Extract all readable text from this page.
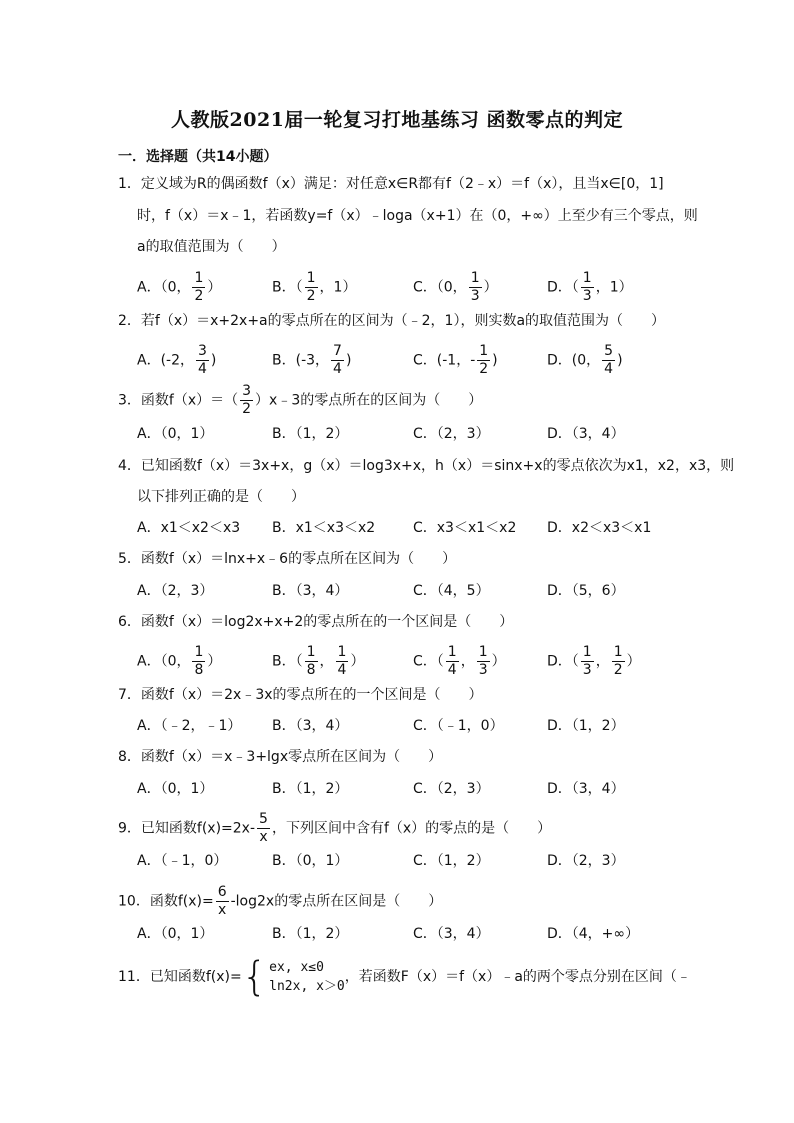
人教版2021届一轮复习打地基练习 函数零点的判定
一．选择题（共14小题）
1．定义域为R的偶函数f（x）满足：对任意x∈R都有f（2﹣x）＝f（x），且当x∈[0，1]
时，f（x）＝x﹣1，若函数y=f（x）﹣loga（x+1）在（0，+∞）上至少有三个零点，则
a的取值范围为（　　）
A．（0， $\frac{1}{2}$ ）	B．（ $\frac{1}{2}$ ，1）	C．（0， $\frac{1}{3}$ ）	D．（ $\frac{1}{3}$ ，1）
2．若f（x）＝x+2x+a的零点所在的区间为（﹣2，1），则实数a的取值范围为（　　）
A．(-2， $\frac{3}{4}$ )	B．(-3， $\frac{7}{4}$ )	C．(-1，- $\frac{1}{2}$ )	D．(0， $\frac{5}{4}$ )
3．函数$f(x)=( \frac{3}{2}$ ）x﹣3的零点所在的区间为（　　）
A．（0，1）	B．（1，2）	C．（2，3）	D．（3，4）
4．已知函数f（x）＝3x+x，g（x）＝log3x+x，h（x）＝sinx+x的零点依次为x1，x2，x3，则
以下排列正确的是（　　）
A．x1＜x2＜x3 B．x1＜x3＜x2	C．x3＜x1＜x2 D．x2＜x3＜x1
5．函数f（x）＝lnx+x﹣6的零点所在区间为（　　）
A．（2，3）	B．（3，4）	C．（4，5）	D．（5，6）
6．函数f（x）＝log2x+x+2的零点所在的一个区间是（　　）
A．（0， $\frac{1}{8}$ ）	B．（ $\frac{1}{8}$ ， $\frac{1}{4}$ ）	C．（ $\frac{1}{4}$ ， $\frac{1}{3}$ ）	D．（ $\frac{1}{3}$ ， $\frac{1}{2}$ ）
7．函数f（x）＝2x﹣3x的零点所在的一个区间是（　　）
A．（﹣2，﹣1） B．（3，4）	C．（﹣1，0）	D．（1，2）
8．函数f（x）＝x﹣3+lgx零点所在区间为（　　）
A．（0，1）	B．（1，2）	C．（2，3）	D．（3，4）
9．已知函数$f(x)=2x- \frac{5}{x}$ ，下列区间中含有f（x）的零点的是（　　）
A．（﹣1，0）	B．（0，1）	C．（1，2）	D．（2，3）
10．函数$f(x)= \frac{6}{x} -\log 2x$的零点所在区间是（　　）
A．（0，1）	B．（1，2）	C．（3，4）	D．（4，+∞）
11．已知函数f(x)= { ex, x≤0
ln2x, x＞0
，若函数F（x）＝f（x）﹣a的两个零点分别在区间（﹣
